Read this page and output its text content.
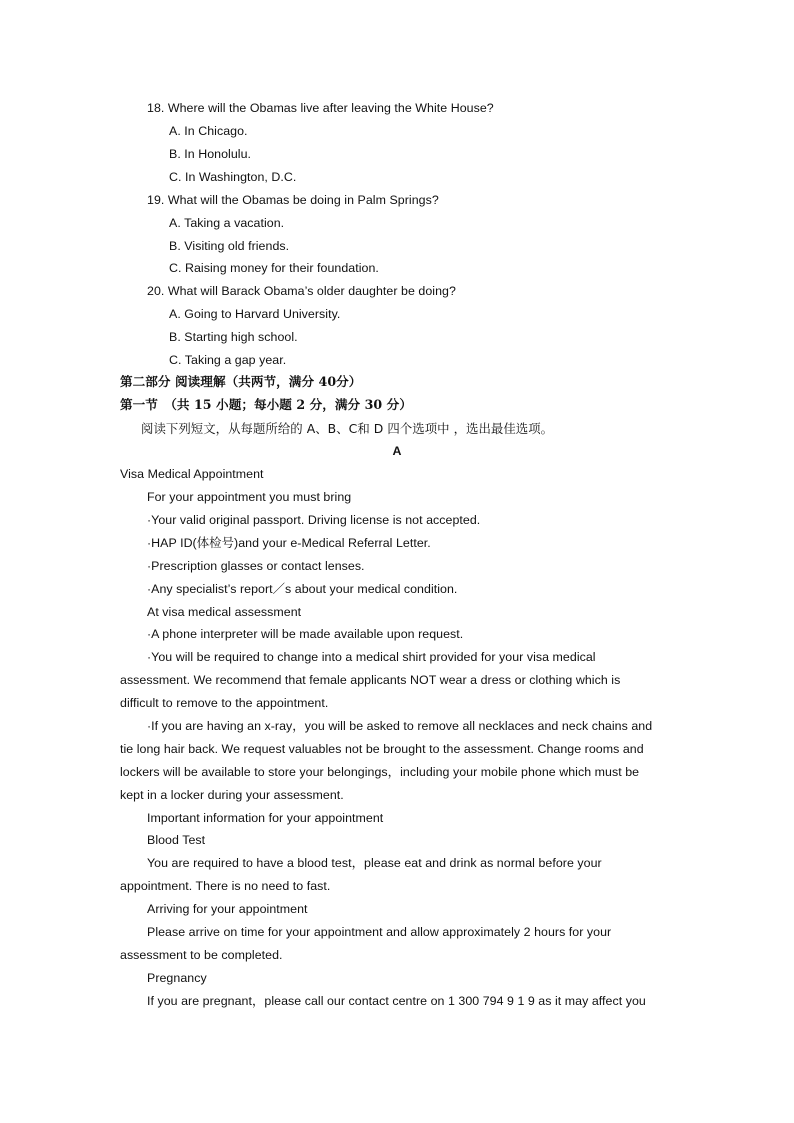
18. Where will the Obamas live after leaving the White House?
A. In Chicago.
B. In Honolulu.
C. In Washington, D.C.
19. What will the Obamas be doing in Palm Springs?
A. Taking a vacation.
B. Visiting old friends.
C. Raising money for their foundation.
20. What will Barack Obama’s older daughter be doing?
A. Going to Harvard University.
B. Starting high school.
C. Taking a gap year.
第二部分 阅读理解（共两节，满分 40分）
第一节　（共 15 小题；每小题 2 分，满分 30 分）
阅读下列短文，从每题所给的 A、B、C和 D 四个选项中 ，选出最佳选项。
A
Visa Medical Appointment
For your appointment you must bring
·Your valid original passport. Driving license is not accepted.
·HAP ID(体检号)and your e-Medical Referral Letter.
·Prescription glasses or contact lenses.
·Any specialist’s report／s about your medical condition.
At visa medical assessment
·A phone interpreter will be made available upon request.
·You will be required to change into a medical shirt provided for your visa medical
assessment. We recommend that female applicants NOT wear a dress or clothing which is
difficult to remove to the appointment.
·If you are having an x-ray，you will be asked to remove all necklaces and neck chains and
tie long hair back. We request valuables not be brought to the assessment. Change rooms and
lockers will be available to store your belongings，including your mobile phone which must be
kept in a locker during your assessment.
Important information for your appointment
Blood Test
You are required to have a blood test，please eat and drink as normal before your
appointment. There is no need to fast.
Arriving for your appointment
Please arrive on time for your appointment and allow approximately 2 hours for your
assessment to be completed.
Pregnancy
If you are pregnant，please call our contact centre on 1 300 794 9 1 9 as it may affect you
